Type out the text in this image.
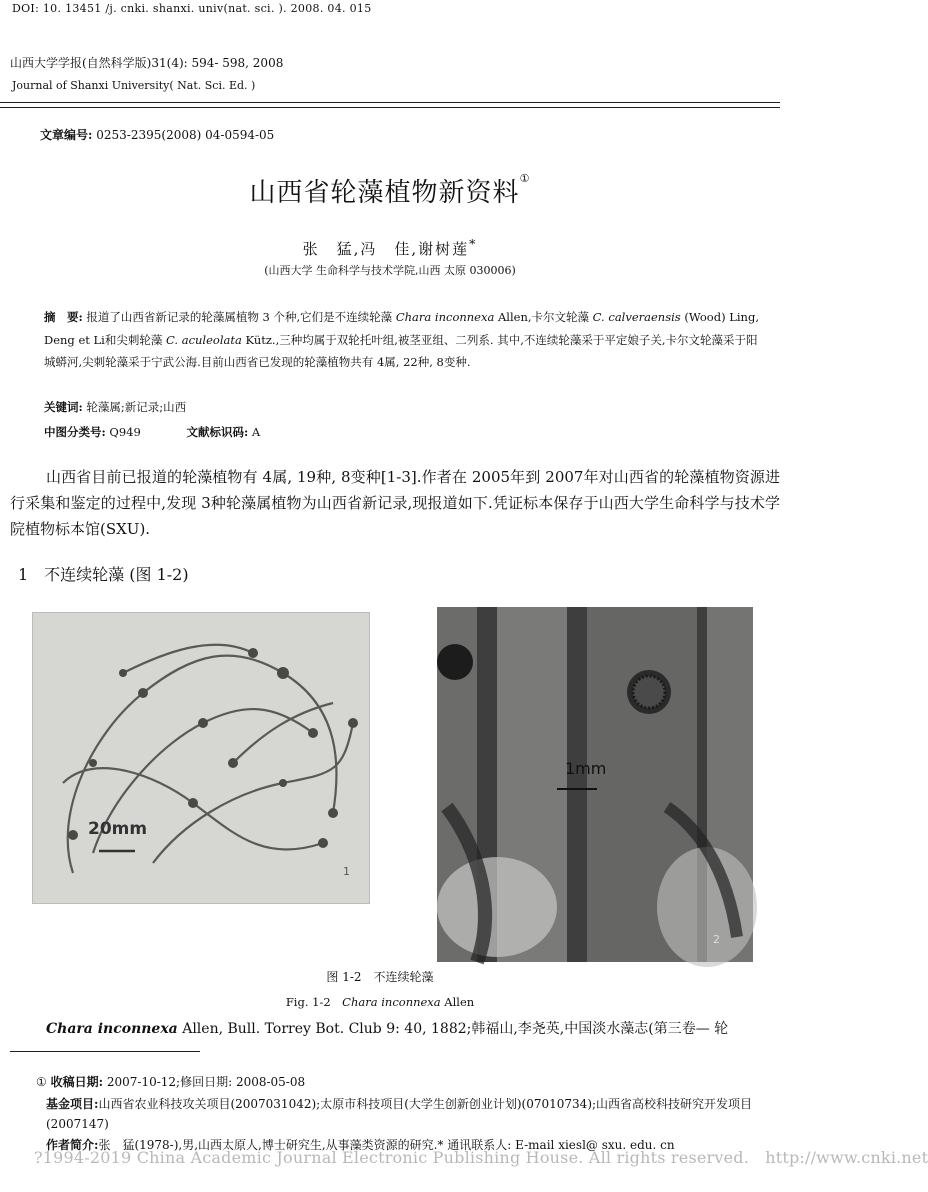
DOI: 10. 13451 /j. cnki. shanxi. univ(nat. sci. ). 2008. 04. 015
山西大学学报(自然科学版)31(4): 594- 598, 2008
Journal of Shanxi University( Nat. Sci. Ed. )
文章编号: 0253-2395(2008) 04-0594-05
山西省轮藻植物新资料①
张　猛,冯　佳,谢树莲*
(山西大学 生命科学与技术学院,山西 太原 030006)
摘　要: 报道了山西省新记录的轮藻属植物 3 个种,它们是不连续轮藻 Chara inconnexa Allen,卡尔文轮藻 C. calveraensis (Wood) Ling, Deng et Li和尖刺轮藻 C. aculeolata Kütz.,三种均属于双轮托叶组,被茎亚组、二列系. 其中,不连续轮藻采于平定娘子关,卡尔文轮藻采于阳城蟒河,尖刺轮藻采于宁武公海.目前山西省已发现的轮藻植物共有 4属, 22种, 8变种.
关键词: 轮藻属;新记录;山西
中图分类号: Q949	文献标识码: A
山西省目前已报道的轮藻植物有 4属, 19种, 8变种[1-3].作者在 2005年到 2007年对山西省的轮藻植物资源进行采集和鉴定的过程中,发现 3种轮藻属植物为山西省新记录,现报道如下.凭证标本保存于山西大学生命科学与技术学院植物标本馆(SXU).
1　不连续轮藻 (图 1-2)
20mm
1
1mm
2
图 1-2　不连续轮藻
Fig. 1-2　Chara inconnexa Allen
Chara inconnexa Allen, Bull. Torrey Bot. Club 9: 40, 1882;韩福山,李尧英,中国淡水藻志(第三卷— 轮
① 收稿日期: 2007-10-12;修回日期: 2008-05-08
基金项目:山西省农业科技攻关项目(2007031042);太原市科技项目(大学生创新创业计划)(07010734);山西省高校科技研究开发项目(2007147)
作者简介:张　猛(1978-),男,山西太原人,博士研究生,从事藻类资源的研究.* 通讯联系人: E-mail xiesl@ sxu. edu. cn
?1994-2019 China Academic Journal Electronic Publishing House. All rights reserved.　http://www.cnki.net
